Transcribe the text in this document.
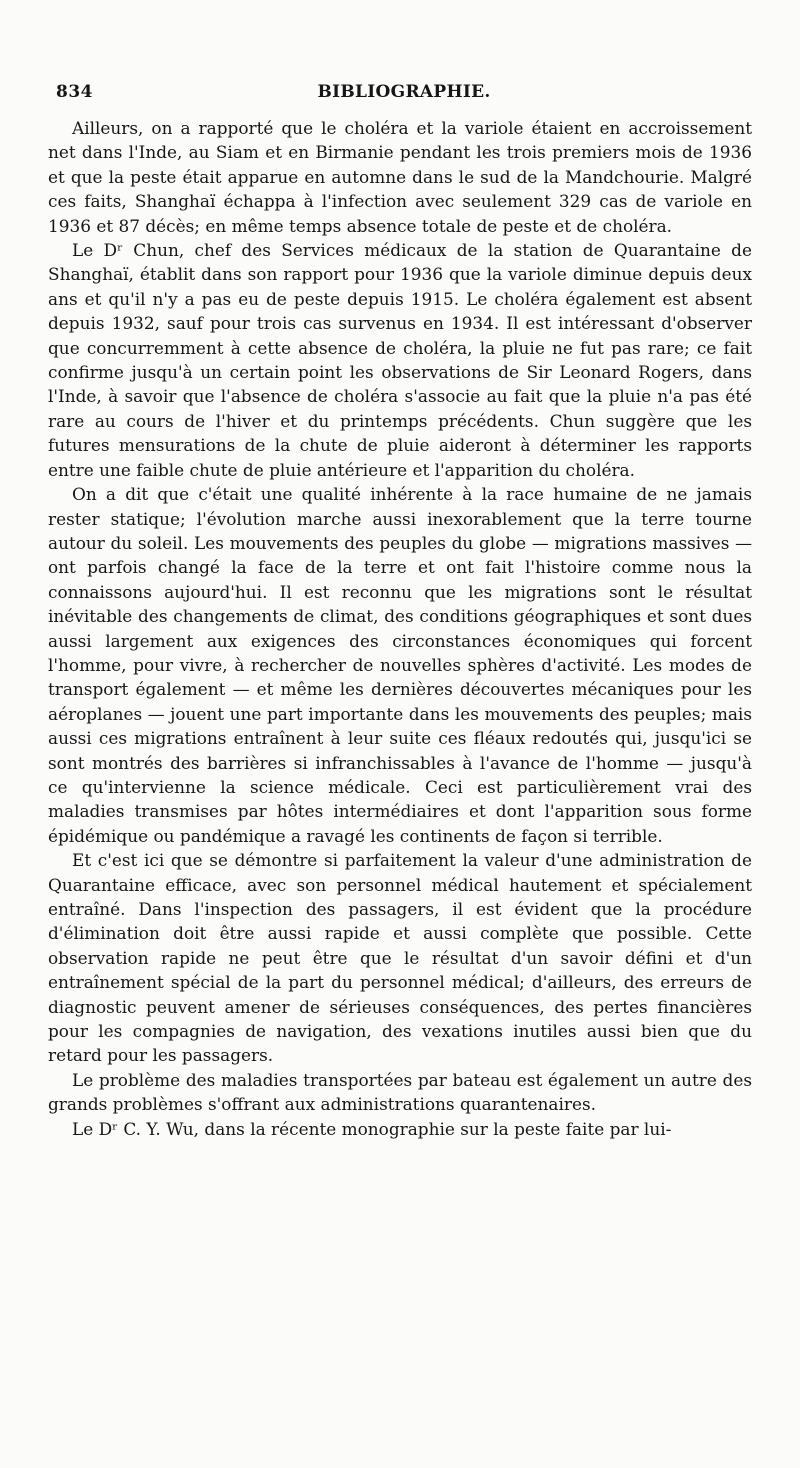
834	BIBLIOGRAPHIE.

Ailleurs, on a rapporté que le choléra et la variole étaient en accroissement net dans l'Inde, au Siam et en Birmanie pendant les trois premiers mois de 1936 et que la peste était apparue en automne dans le sud de la Mandchourie. Malgré ces faits, Shanghaï échappa à l'infection avec seulement 329 cas de variole en 1936 et 87 décès; en même temps absence totale de peste et de choléra.

Le Dʳ Chun, chef des Services médicaux de la station de Quarantaine de Shanghaï, établit dans son rapport pour 1936 que la variole diminue depuis deux ans et qu'il n'y a pas eu de peste depuis 1915. Le choléra également est absent depuis 1932, sauf pour trois cas survenus en 1934. Il est intéressant d'observer que concurremment à cette absence de choléra, la pluie ne fut pas rare; ce fait confirme jusqu'à un certain point les observations de Sir Leonard Rogers, dans l'Inde, à savoir que l'absence de choléra s'associe au fait que la pluie n'a pas été rare au cours de l'hiver et du printemps précédents. Chun suggère que les futures mensurations de la chute de pluie aideront à déterminer les rapports entre une faible chute de pluie antérieure et l'apparition du choléra.

On a dit que c'était une qualité inhérente à la race humaine de ne jamais rester statique; l'évolution marche aussi inexorablement que la terre tourne autour du soleil. Les mouvements des peuples du globe — migrations massives — ont parfois changé la face de la terre et ont fait l'histoire comme nous la connaissons aujourd'hui. Il est reconnu que les migrations sont le résultat inévitable des changements de climat, des conditions géographiques et sont dues aussi largement aux exigences des circonstances économiques qui forcent l'homme, pour vivre, à rechercher de nouvelles sphères d'activité. Les modes de transport également — et même les dernières découvertes mécaniques pour les aéroplanes — jouent une part importante dans les mouvements des peuples; mais aussi ces migrations entraînent à leur suite ces fléaux redoutés qui, jusqu'ici se sont montrés des barrières si infranchissables à l'avance de l'homme — jusqu'à ce qu'intervienne la science médicale. Ceci est particulièrement vrai des maladies transmises par hôtes intermédiaires et dont l'apparition sous forme épidémique ou pandémique a ravagé les continents de façon si terrible.

Et c'est ici que se démontre si parfaitement la valeur d'une administration de Quarantaine efficace, avec son personnel médical hautement et spécialement entraîné. Dans l'inspection des passagers, il est évident que la procédure d'élimination doit être aussi rapide et aussi complète que possible. Cette observation rapide ne peut être que le résultat d'un savoir défini et d'un entraînement spécial de la part du personnel médical; d'ailleurs, des erreurs de diagnostic peuvent amener de sérieuses conséquences, des pertes financières pour les compagnies de navigation, des vexations inutiles aussi bien que du retard pour les passagers.

Le problème des maladies transportées par bateau est également un autre des grands problèmes s'offrant aux administrations quarantenaires.

Le Dʳ C. Y. Wu, dans la récente monographie sur la peste faite par lui-
